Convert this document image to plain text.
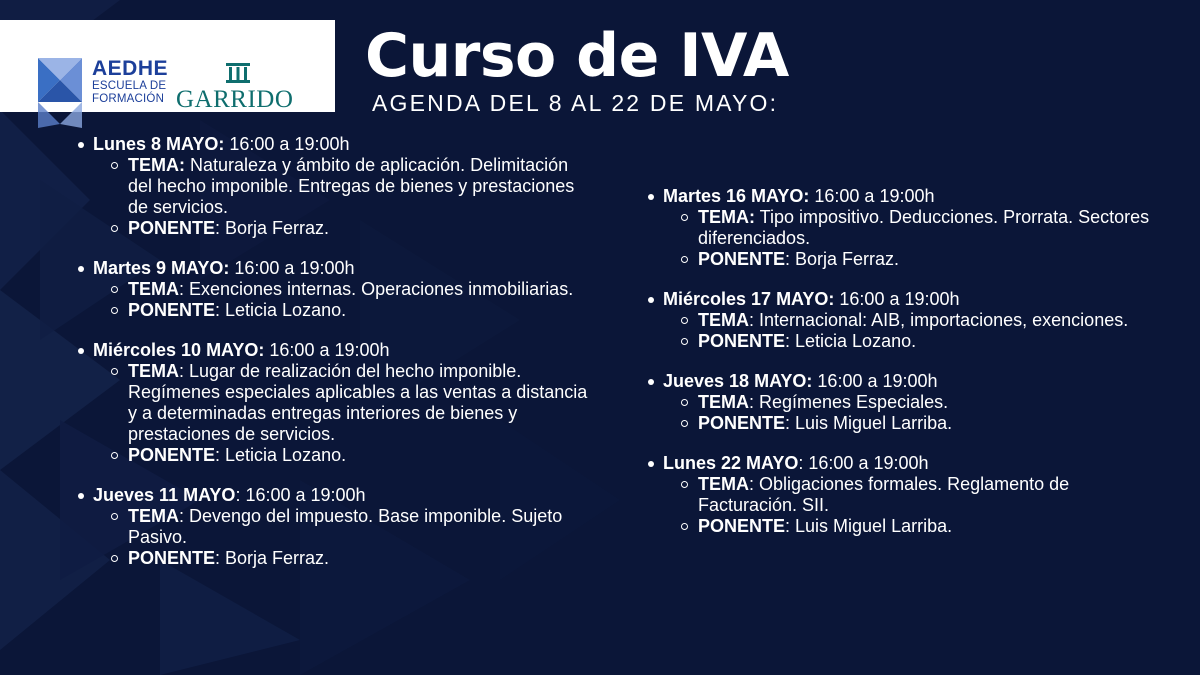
AEDHE
ESCUELA DE
FORMACIÓN GARRIDO
Curso de IVA
AGENDA DEL 8 AL 22 DE MAYO:
Lunes 8 MAYO: 16:00 a 19:00h
TEMA: Naturaleza y ámbito de aplicación. Delimitación del hecho imponible. Entregas de bienes y prestaciones de servicios.
PONENTE: Borja Ferraz.
Martes 9 MAYO: 16:00 a 19:00h
TEMA: Exenciones internas. Operaciones inmobiliarias.
PONENTE: Leticia Lozano.
Miércoles 10 MAYO: 16:00 a 19:00h
TEMA: Lugar de realización del hecho imponible. Regímenes especiales aplicables a las ventas a distancia y a determinadas entregas interiores de bienes y prestaciones de servicios.
PONENTE: Leticia Lozano.
Jueves 11 MAYO: 16:00 a 19:00h
TEMA: Devengo del impuesto. Base imponible. Sujeto Pasivo.
PONENTE: Borja Ferraz.
Martes 16 MAYO: 16:00 a 19:00h
TEMA: Tipo impositivo. Deducciones. Prorrata. Sectores diferenciados.
PONENTE: Borja Ferraz.
Miércoles 17 MAYO: 16:00 a 19:00h
TEMA: Internacional: AIB, importaciones, exenciones.
PONENTE: Leticia Lozano.
Jueves 18 MAYO: 16:00 a 19:00h
TEMA: Regímenes Especiales.
PONENTE: Luis Miguel Larriba.
Lunes 22 MAYO: 16:00 a 19:00h
TEMA: Obligaciones formales. Reglamento de Facturación. SII.
PONENTE: Luis Miguel Larriba.
